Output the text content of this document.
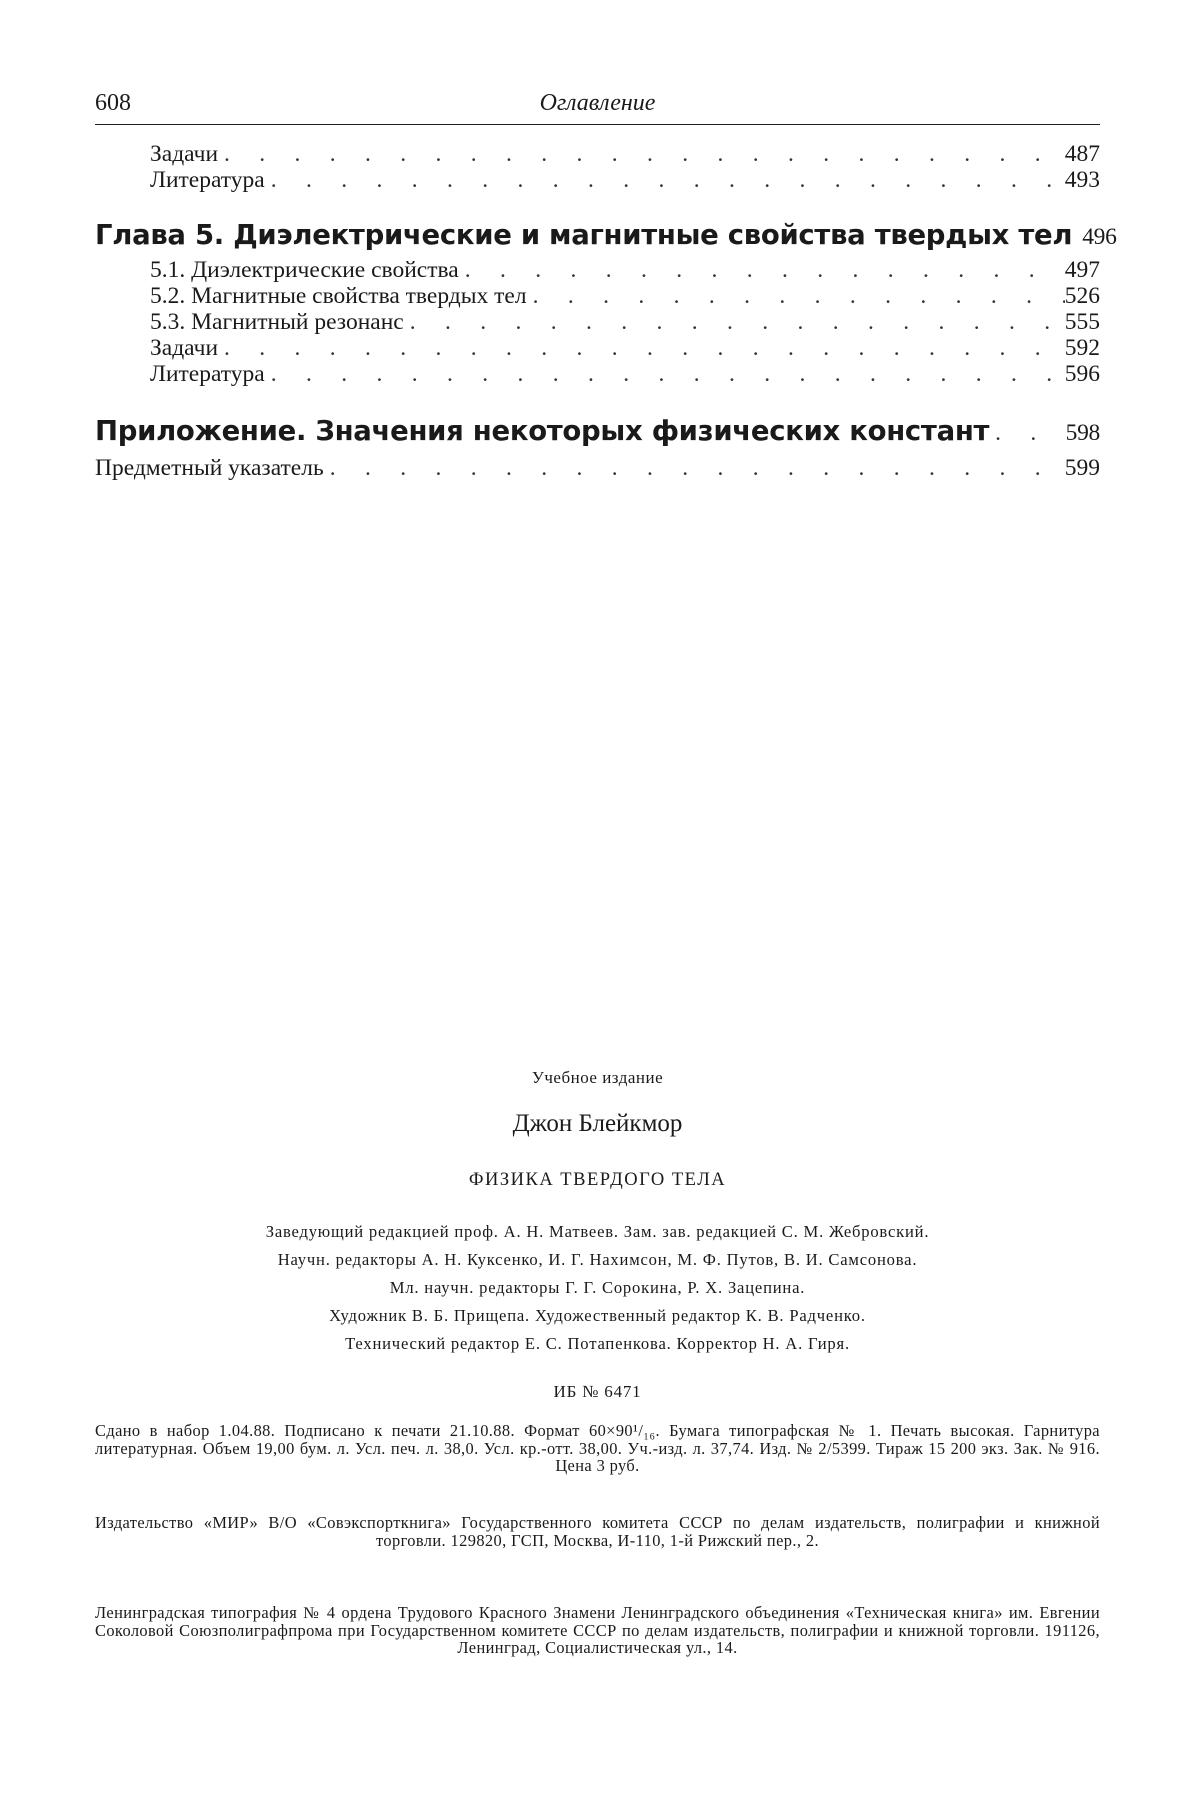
608	Оглавление
Задачи . . .	487
Литература . . .	493
Глава 5. Диэлектрические и магнитные свойства твердых тел 496
5.1. Диэлектрические свойства . . .	497
5.2. Магнитные свойства твердых тел . . .	526
5.3. Магнитный резонанс . . .	555
Задачи . . .	592
Литература . . .	596
Приложение. Значения некоторых физических констант . . .	598
Предметный указатель . . .	599
Учебное издание
Джон Блейкмор
ФИЗИКА ТВЕРДОГО ТЕЛА
Заведующий редакцией проф. А. Н. Матвеев. Зам. зав. редакцией С. М. Жебровский.
Научн. редакторы А. Н. Куксенко, И. Г. Нахимсон, М. Ф. Путов, В. И. Самсонова.
Мл. научн. редакторы Г. Г. Сорокина, Р. Х. Зацепина.
Художник В. Б. Прищепа. Художественный редактор К. В. Радченко.
Технический редактор Е. С. Потапенкова. Корректор Н. А. Гиря.
ИБ № 6471
Сдано в набор 1.04.88. Подписано к печати 21.10.88. Формат 60×90¹/₁₆. Бумага типографская № 1. Печать высокая. Гарнитура литературная. Объем 19,00 бум. л. Усл. печ. л. 38,0. Усл. кр.-отт. 38,00. Уч.-изд. л. 37,74. Изд. № 2/5399. Тираж 15 200 экз. Зак. № 916. Цена 3 руб.
Издательство «МИР» В/О «Совэкспорткнига» Государственного комитета СССР по делам издательств, полиграфии и книжной торговли. 129820, ГСП, Москва, И-110, 1-й Рижский пер., 2.
Ленинградская типография № 4 ордена Трудового Красного Знамени Ленинградского объединения «Техническая книга» им. Евгении Соколовой Союзполиграфпрома при Государственном комитете СССР по делам издательств, полиграфии и книжной торговли. 191126, Ленинград, Социалистическая ул., 14.
